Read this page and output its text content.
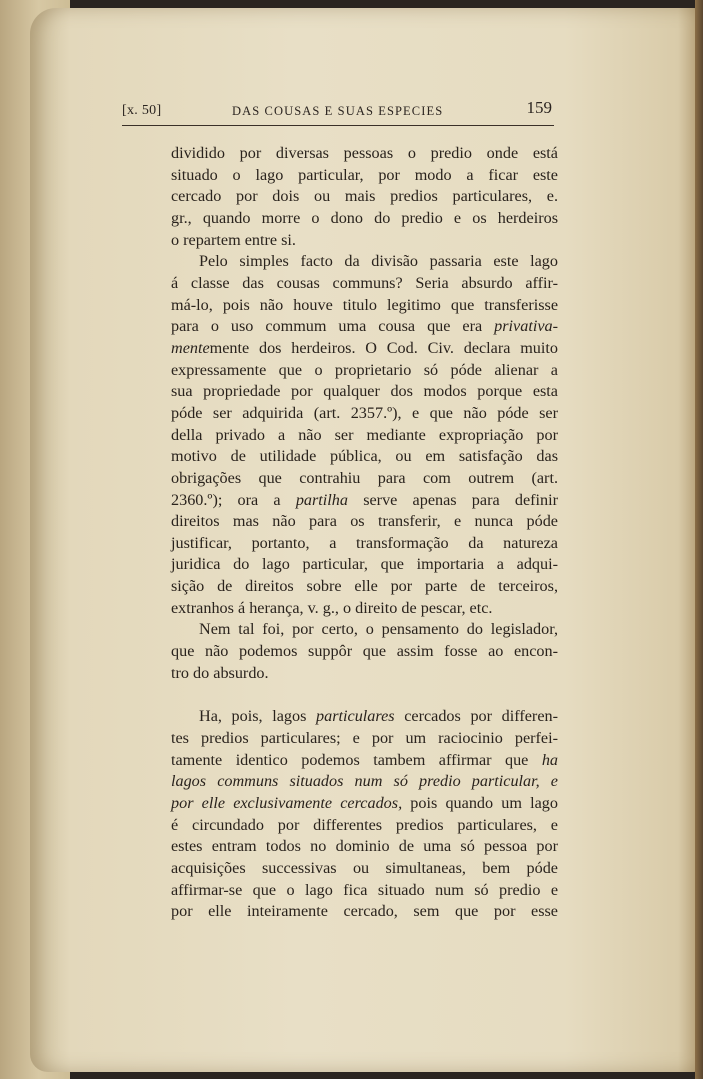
[x. 50]	DAS COUSAS E SUAS ESPECIES	159

dividido por diversas pessoas o predio onde está
situado o lago particular, por modo a ficar este
cercado por dois ou mais predios particulares, e.
gr., quando morre o dono do predio e os herdeiros
o repartem entre si.

Pelo simples facto da divisão passaria este lago
á classe das cousas communs? Seria absurdo affir-
má-lo, pois não houve titulo legitimo que transferisse
para o uso commum uma cousa que era privativa-
mentemente dos herdeiros. O Cod. Civ. declara muito
expressamente que o proprietario só póde alienar a
sua propriedade por qualquer dos modos porque esta
póde ser adquirida (art. 2357.º), e que não póde ser
della privado a não ser mediante expropriação por
motivo de utilidade pública, ou em satisfação das
obrigações que contrahiu para com outrem (art.
2360.º); ora a partilha serve apenas para definir
direitos mas não para os transferir, e nunca póde
justificar, portanto, a transformação da natureza
juridica do lago particular, que importaria a adqui-
sição de direitos sobre elle por parte de terceiros,
extranhos á herança, v. g., o direito de pescar, etc.

Nem tal foi, por certo, o pensamento do legislador,
que não podemos suppôr que assim fosse ao encon-
tro do absurdo.

Ha, pois, lagos particulares cercados por differen-
tes predios particulares; e por um raciocinio perfei-
tamente identico podemos tambem affirmar que ha
lagos communs situados num só predio particular, e
por elle exclusivamente cercados, pois quando um lago
é circundado por differentes predios particulares, e
estes entram todos no dominio de uma só pessoa por
acquisições successivas ou simultaneas, bem póde
affirmar-se que o lago fica situado num só predio e
por elle inteiramente cercado, sem que por esse
